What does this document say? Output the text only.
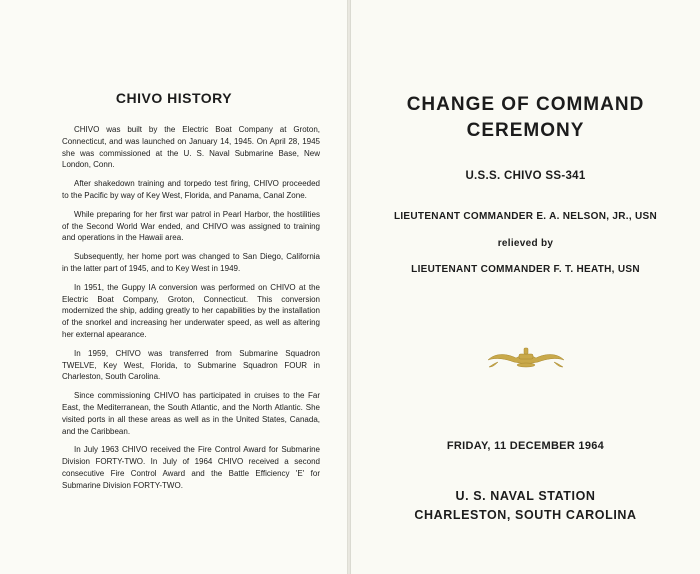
CHIVO HISTORY

CHIVO was built by the Electric Boat Company at Groton, Connecticut, and was launched on January 14, 1945. On April 28, 1945 she was commissioned at the U. S. Naval Submarine Base, New London, Conn.

After shakedown training and torpedo test firing, CHIVO proceeded to the Pacific by way of Key West, Florida, and Panama, Canal Zone.

While preparing for her first war patrol in Pearl Harbor, the hostilities of the Second World War ended, and CHIVO was assigned to training and operations in the Hawaii area.

Subsequently, her home port was changed to San Diego, California in the latter part of 1945, and to Key West in 1949.

In 1951, the Guppy IA conversion was performed on CHIVO at the Electric Boat Company, Groton, Connecticut. This conversion modernized the ship, adding greatly to her capabilities by the installation of the snorkel and increasing her underwater speed, as well as altering her external apearance.

In 1959, CHIVO was transferred from Submarine Squadron TWELVE, Key West, Florida, to Submarine Squadron FOUR in Charleston, South Carolina.

Since commissioning CHIVO has participated in cruises to the Far East, the Mediterranean, the South Atlantic, and the North Atlantic. She visited ports in all these areas as well as in the United States, Canada, and the Caribbean.

In July 1963 CHIVO received the Fire Control Award for Submarine Division FORTY-TWO. In July of 1964 CHIVO received a second consecutive Fire Control Award and the Battle Efficiency 'E' for Submarine Division FORTY-TWO.

CHANGE OF COMMAND
CEREMONY
U.S.S. CHIVO SS-341
LIEUTENANT COMMANDER E. A. NELSON, JR., USN
relieved by
LIEUTENANT COMMANDER F. T. HEATH, USN
FRIDAY, 11 DECEMBER 1964
U. S. NAVAL STATION
CHARLESTON, SOUTH CAROLINA
